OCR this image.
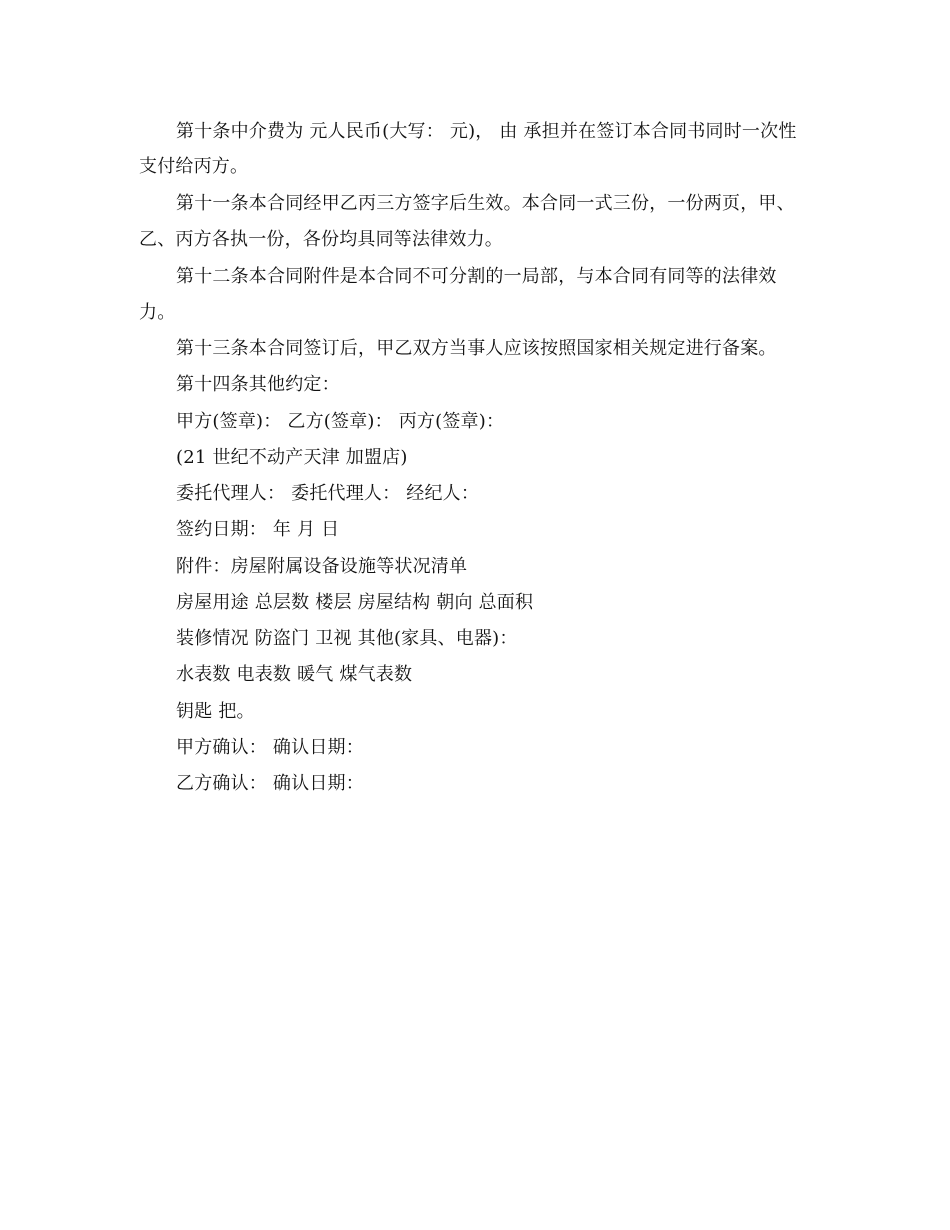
第十条中介费为 元人民币(大写： 元)， 由 承担并在签订本合同书同时一次性
支付给丙方。
第十一条本合同经甲乙丙三方签字后生效。本合同一式三份，一份两页，甲、
乙、丙方各执一份，各份均具同等法律效力。
第十二条本合同附件是本合同不可分割的一局部，与本合同有同等的法律效
力。
第十三条本合同签订后，甲乙双方当事人应该按照国家相关规定进行备案。
第十四条其他约定：
甲方(签章)： 乙方(签章)： 丙方(签章)：
(21 世纪不动产天津 加盟店)
委托代理人： 委托代理人： 经纪人：
签约日期： 年 月 日
附件：房屋附属设备设施等状况清单
房屋用途 总层数 楼层 房屋结构 朝向 总面积
装修情况 防盗门 卫视 其他(家具、电器)：
水表数 电表数 暖气 煤气表数
钥匙 把。
甲方确认： 确认日期：
乙方确认： 确认日期：
